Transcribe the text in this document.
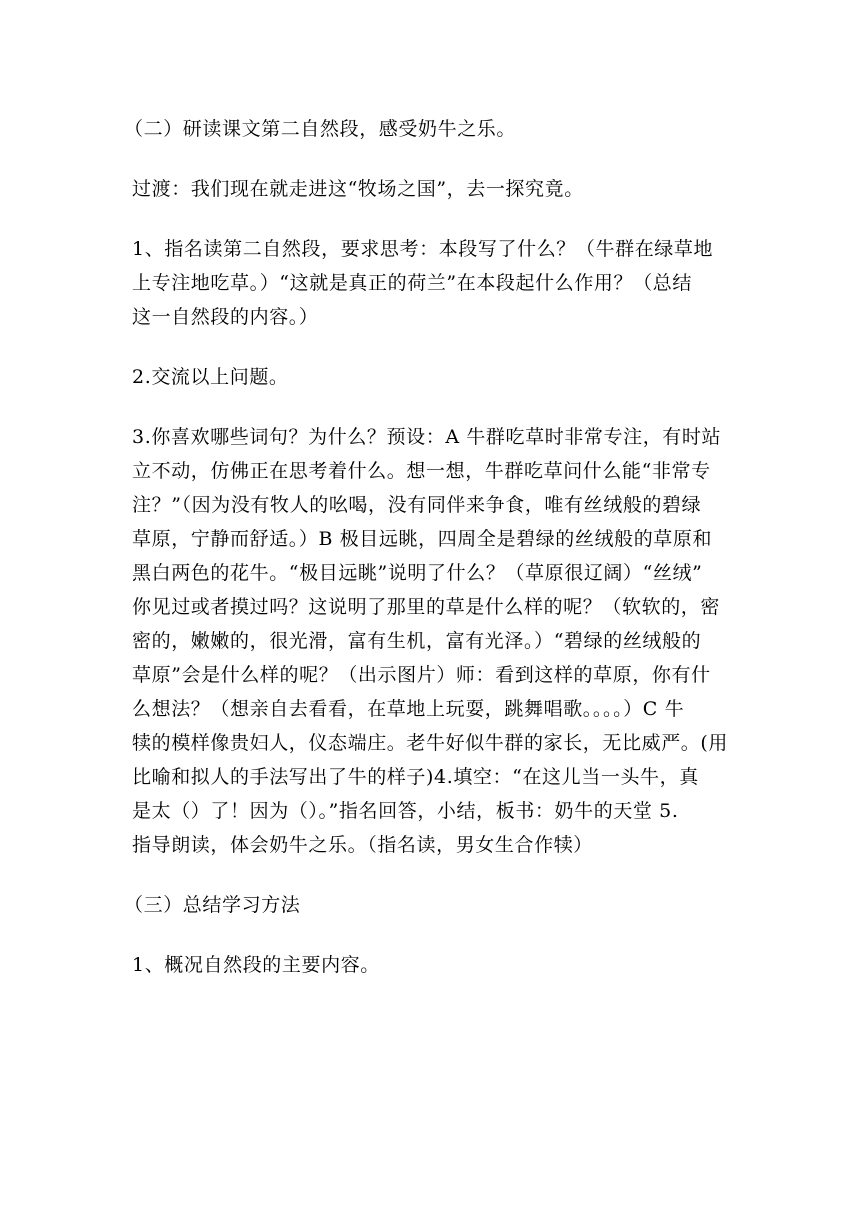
（二）研读课文第二自然段，感受奶牛之乐。
过渡：我们现在就走进这“牧场之国”，去一探究竟。
1、指名读第二自然段，要求思考：本段写了什么？（牛群在绿草地
上专注地吃草。）“这就是真正的荷兰”在本段起什么作用？（总结
这一自然段的内容。）
2.交流以上问题。
3.你喜欢哪些词句？为什么？预设：A 牛群吃草时非常专注，有时站
立不动，仿佛正在思考着什么。想一想，牛群吃草问什么能“非常专
注？”（因为没有牧人的吆喝，没有同伴来争食，唯有丝绒般的碧绿
草原，宁静而舒适。）B 极目远眺，四周全是碧绿的丝绒般的草原和
黑白两色的花牛。“极目远眺”说明了什么？（草原很辽阔）“丝绒”
你见过或者摸过吗？这说明了那里的草是什么样的呢？（软软的，密
密的，嫩嫩的，很光滑，富有生机，富有光泽。）“碧绿的丝绒般的
草原”会是什么样的呢？（出示图片）师：看到这样的草原，你有什
么想法？（想亲自去看看，在草地上玩耍，跳舞唱歌。。。。）C 牛
犊的模样像贵妇人，仪态端庄。老牛好似牛群的家长，无比威严。(用
比喻和拟人的手法写出了牛的样子)4.填空：“在这儿当一头牛，真
是太（）了！因为（）。”指名回答，小结，板书：奶牛的天堂 5.
指导朗读，体会奶牛之乐。（指名读，男女生合作犊）
（三）总结学习方法
1、概况自然段的主要内容。
